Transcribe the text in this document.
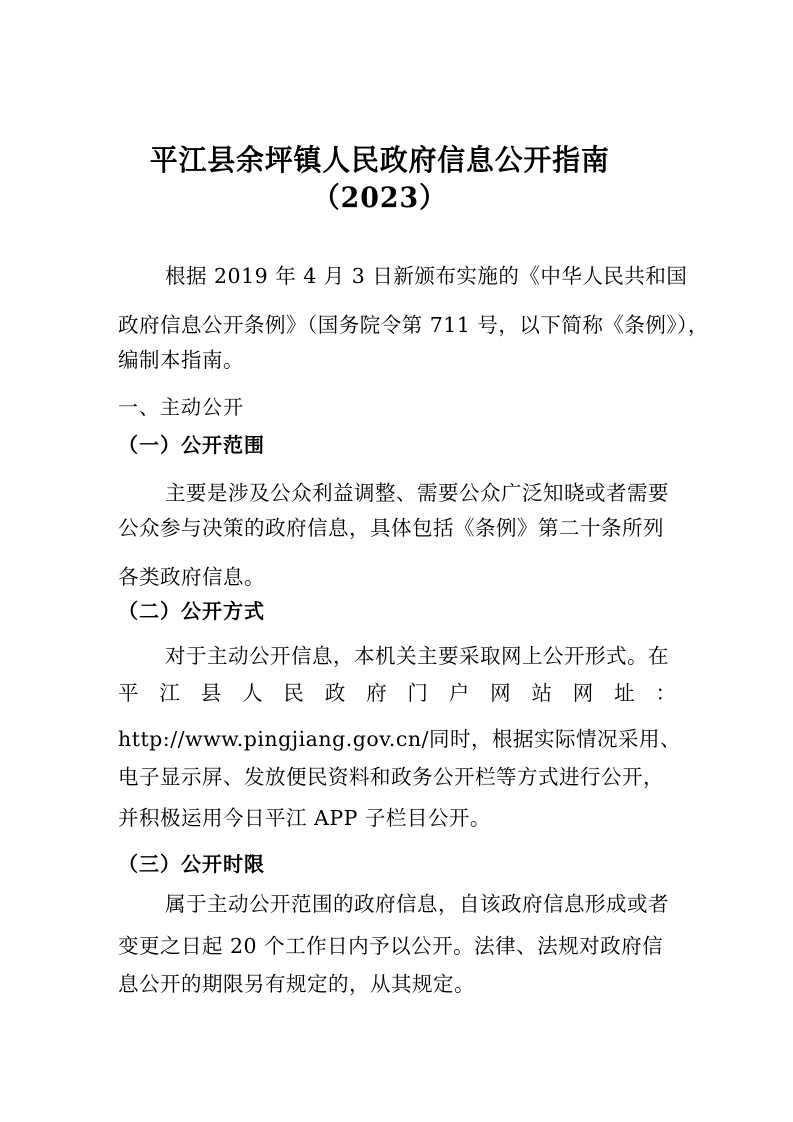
平江县余坪镇人民政府信息公开指南
（2023）
根据 2019 年 4 月 3 日新颁布实施的《中华人民共和国
政府信息公开条例》（国务院令第 711 号，以下简称《条例》），
编制本指南。
一、主动公开
（一）公开范围
主要是涉及公众利益调整、需要公众广泛知晓或者需要
公众参与决策的政府信息，具体包括《条例》第二十条所列
各类政府信息。
（二）公开方式
对于主动公开信息，本机关主要采取网上公开形式。在
平江县人民政府门户网站网址：
http://www.pingjiang.gov.cn/同时，根据实际情况采用、
电子显示屏、发放便民资料和政务公开栏等方式进行公开，
并积极运用今日平江 APP 子栏目公开。
（三）公开时限
属于主动公开范围的政府信息，自该政府信息形成或者
变更之日起 20 个工作日内予以公开。法律、法规对政府信
息公开的期限另有规定的，从其规定。
